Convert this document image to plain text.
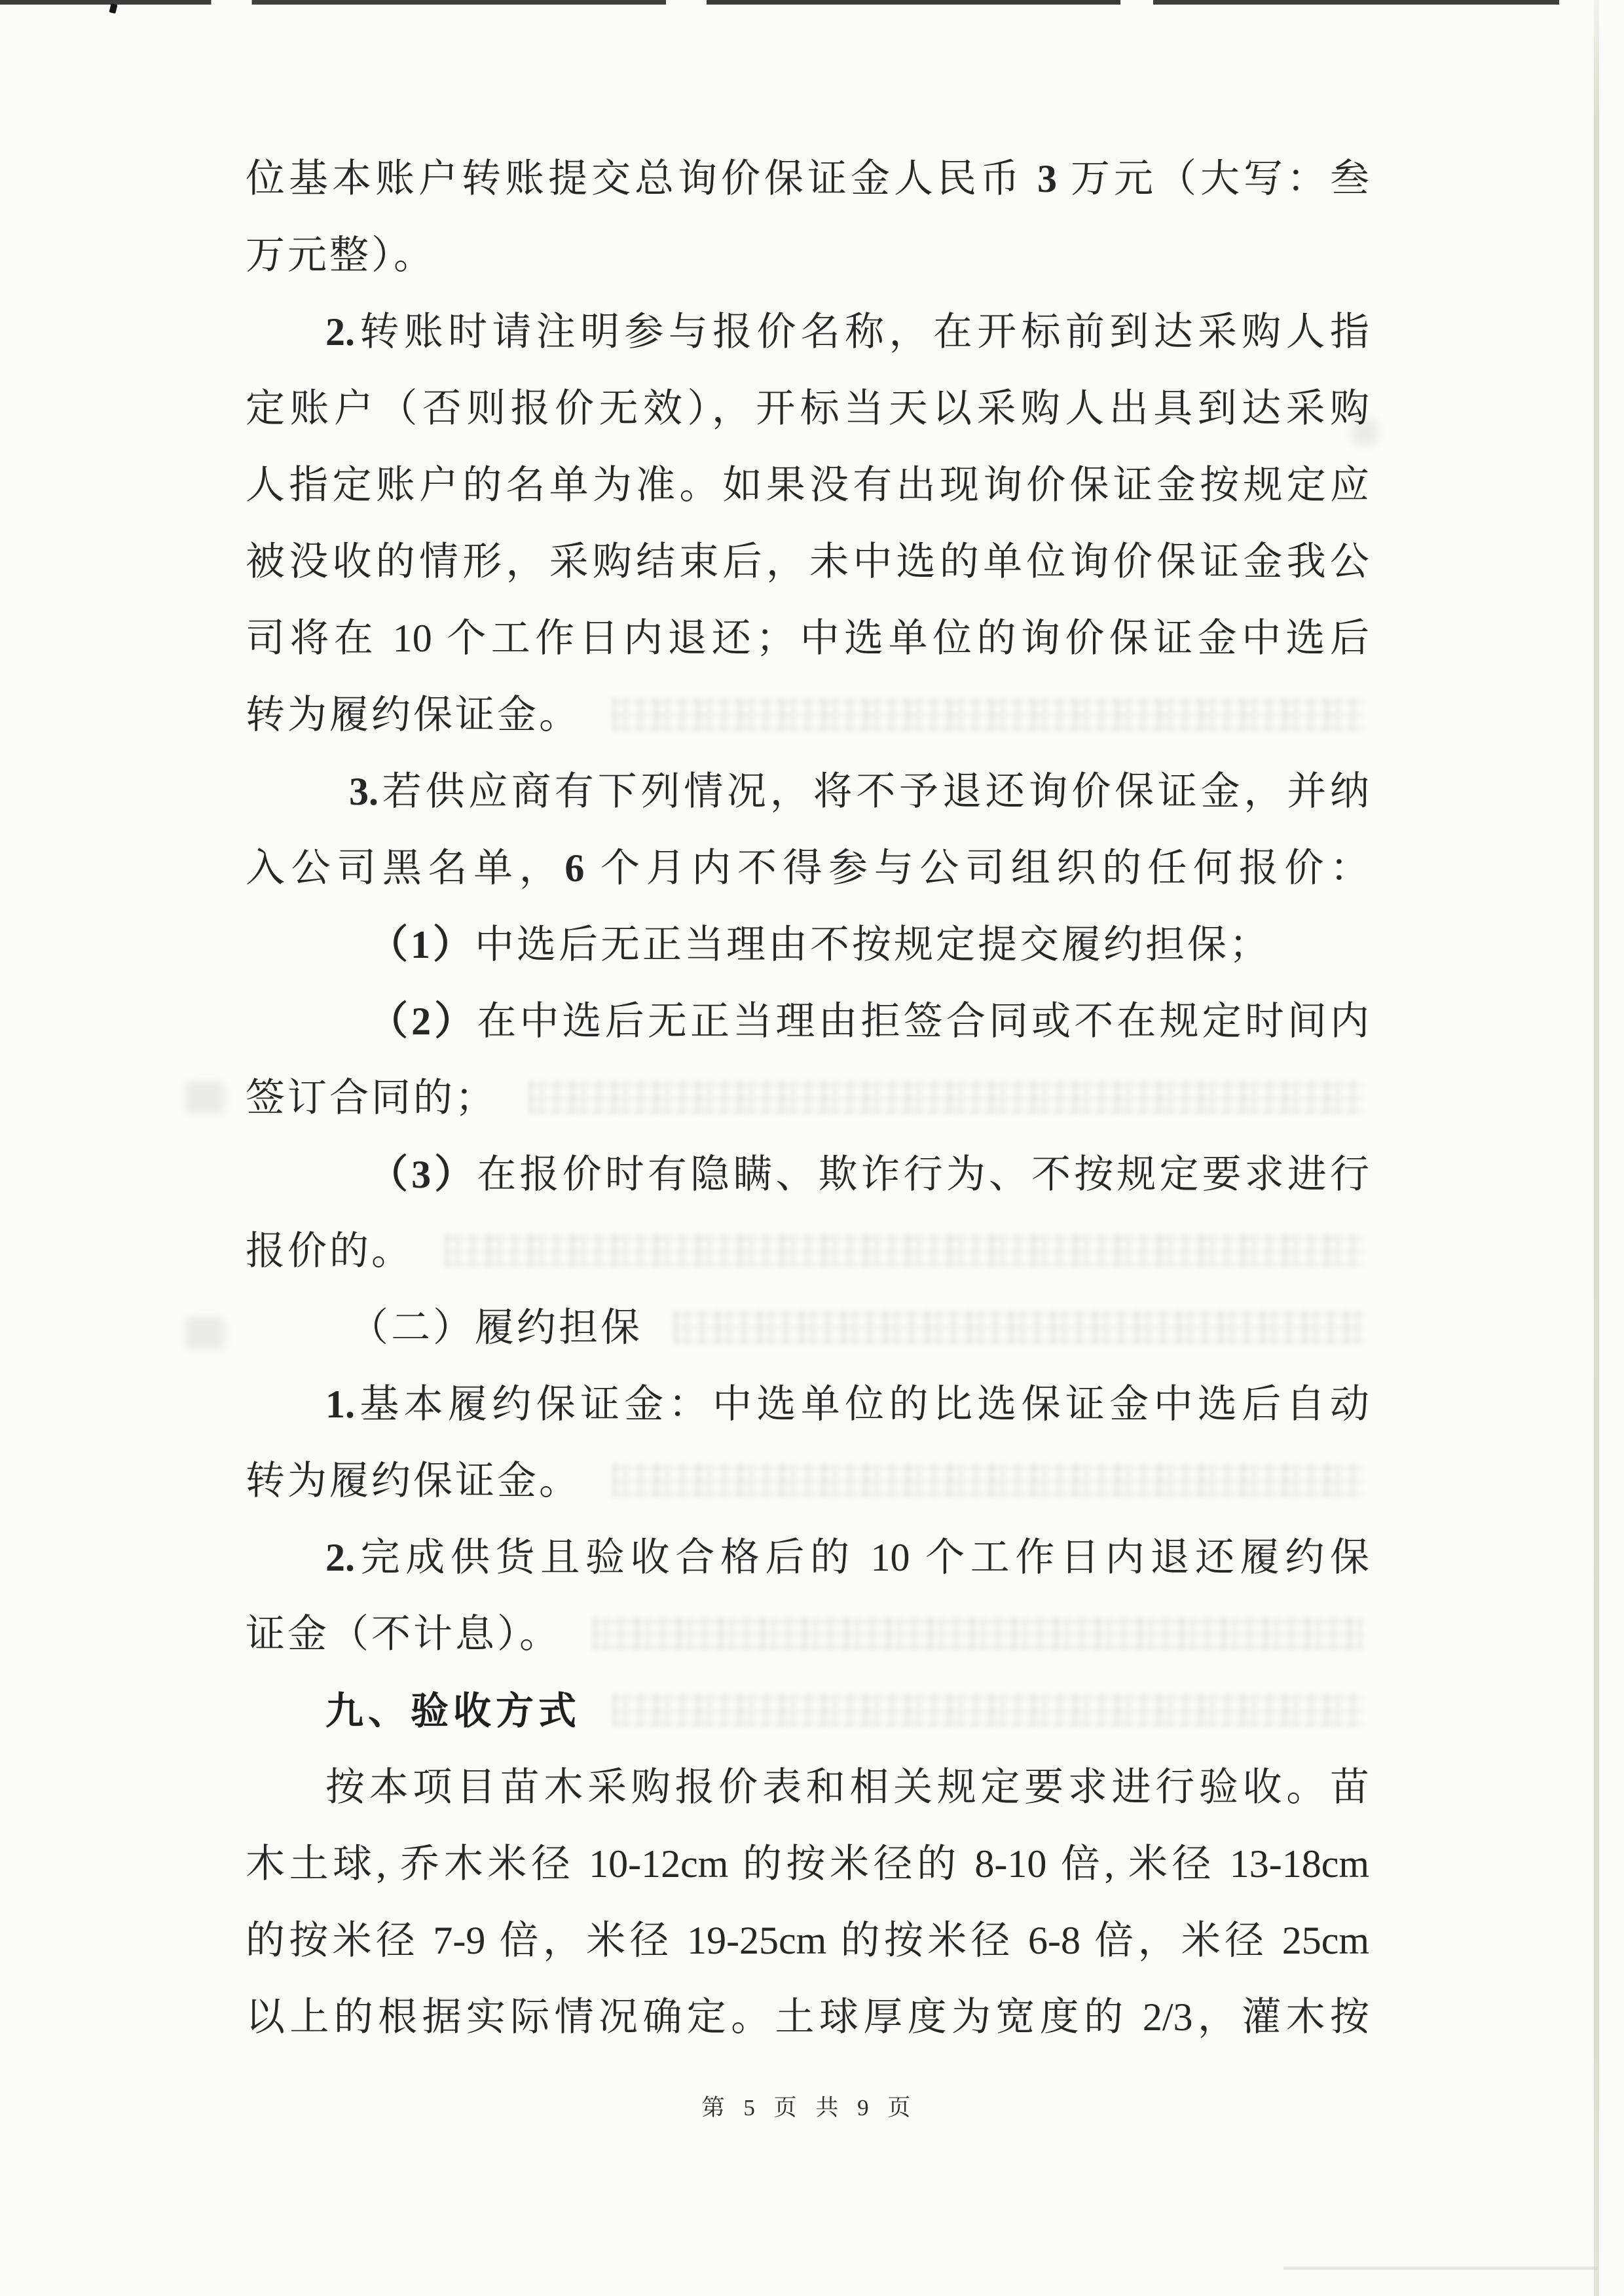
位基本账户转账提交总询价保证金人民币 3 万元（大写：叁
万元整）。
2.转账时请注明参与报价名称，在开标前到达采购人指
定账户（否则报价无效），开标当天以采购人出具到达采购
人指定账户的名单为准。如果没有出现询价保证金按规定应
被没收的情形，采购结束后，未中选的单位询价保证金我公
司将在 10 个工作日内退还；中选单位的询价保证金中选后
转为履约保证金。
3.若供应商有下列情况，将不予退还询价保证金，并纳
入公司黑名单，6 个月内不得参与公司组织的任何报价：
（1）中选后无正当理由不按规定提交履约担保；
（2）在中选后无正当理由拒签合同或不在规定时间内
签订合同的；
（3）在报价时有隐瞒、欺诈行为、不按规定要求进行
报价的。
（二）履约担保
1.基本履约保证金：中选单位的比选保证金中选后自动
转为履约保证金。
2.完成供货且验收合格后的 10 个工作日内退还履约保
证金（不计息）。
九、验收方式
按本项目苗木采购报价表和相关规定要求进行验收。苗
木土球, 乔木米径 10-12cm 的按米径的 8-10 倍, 米径 13-18cm
的按米径 7-9 倍，米径 19-25cm 的按米径 6-8 倍，米径 25cm
以上的根据实际情况确定。土球厚度为宽度的 2/3，灌木按
第 5 页 共 9 页
